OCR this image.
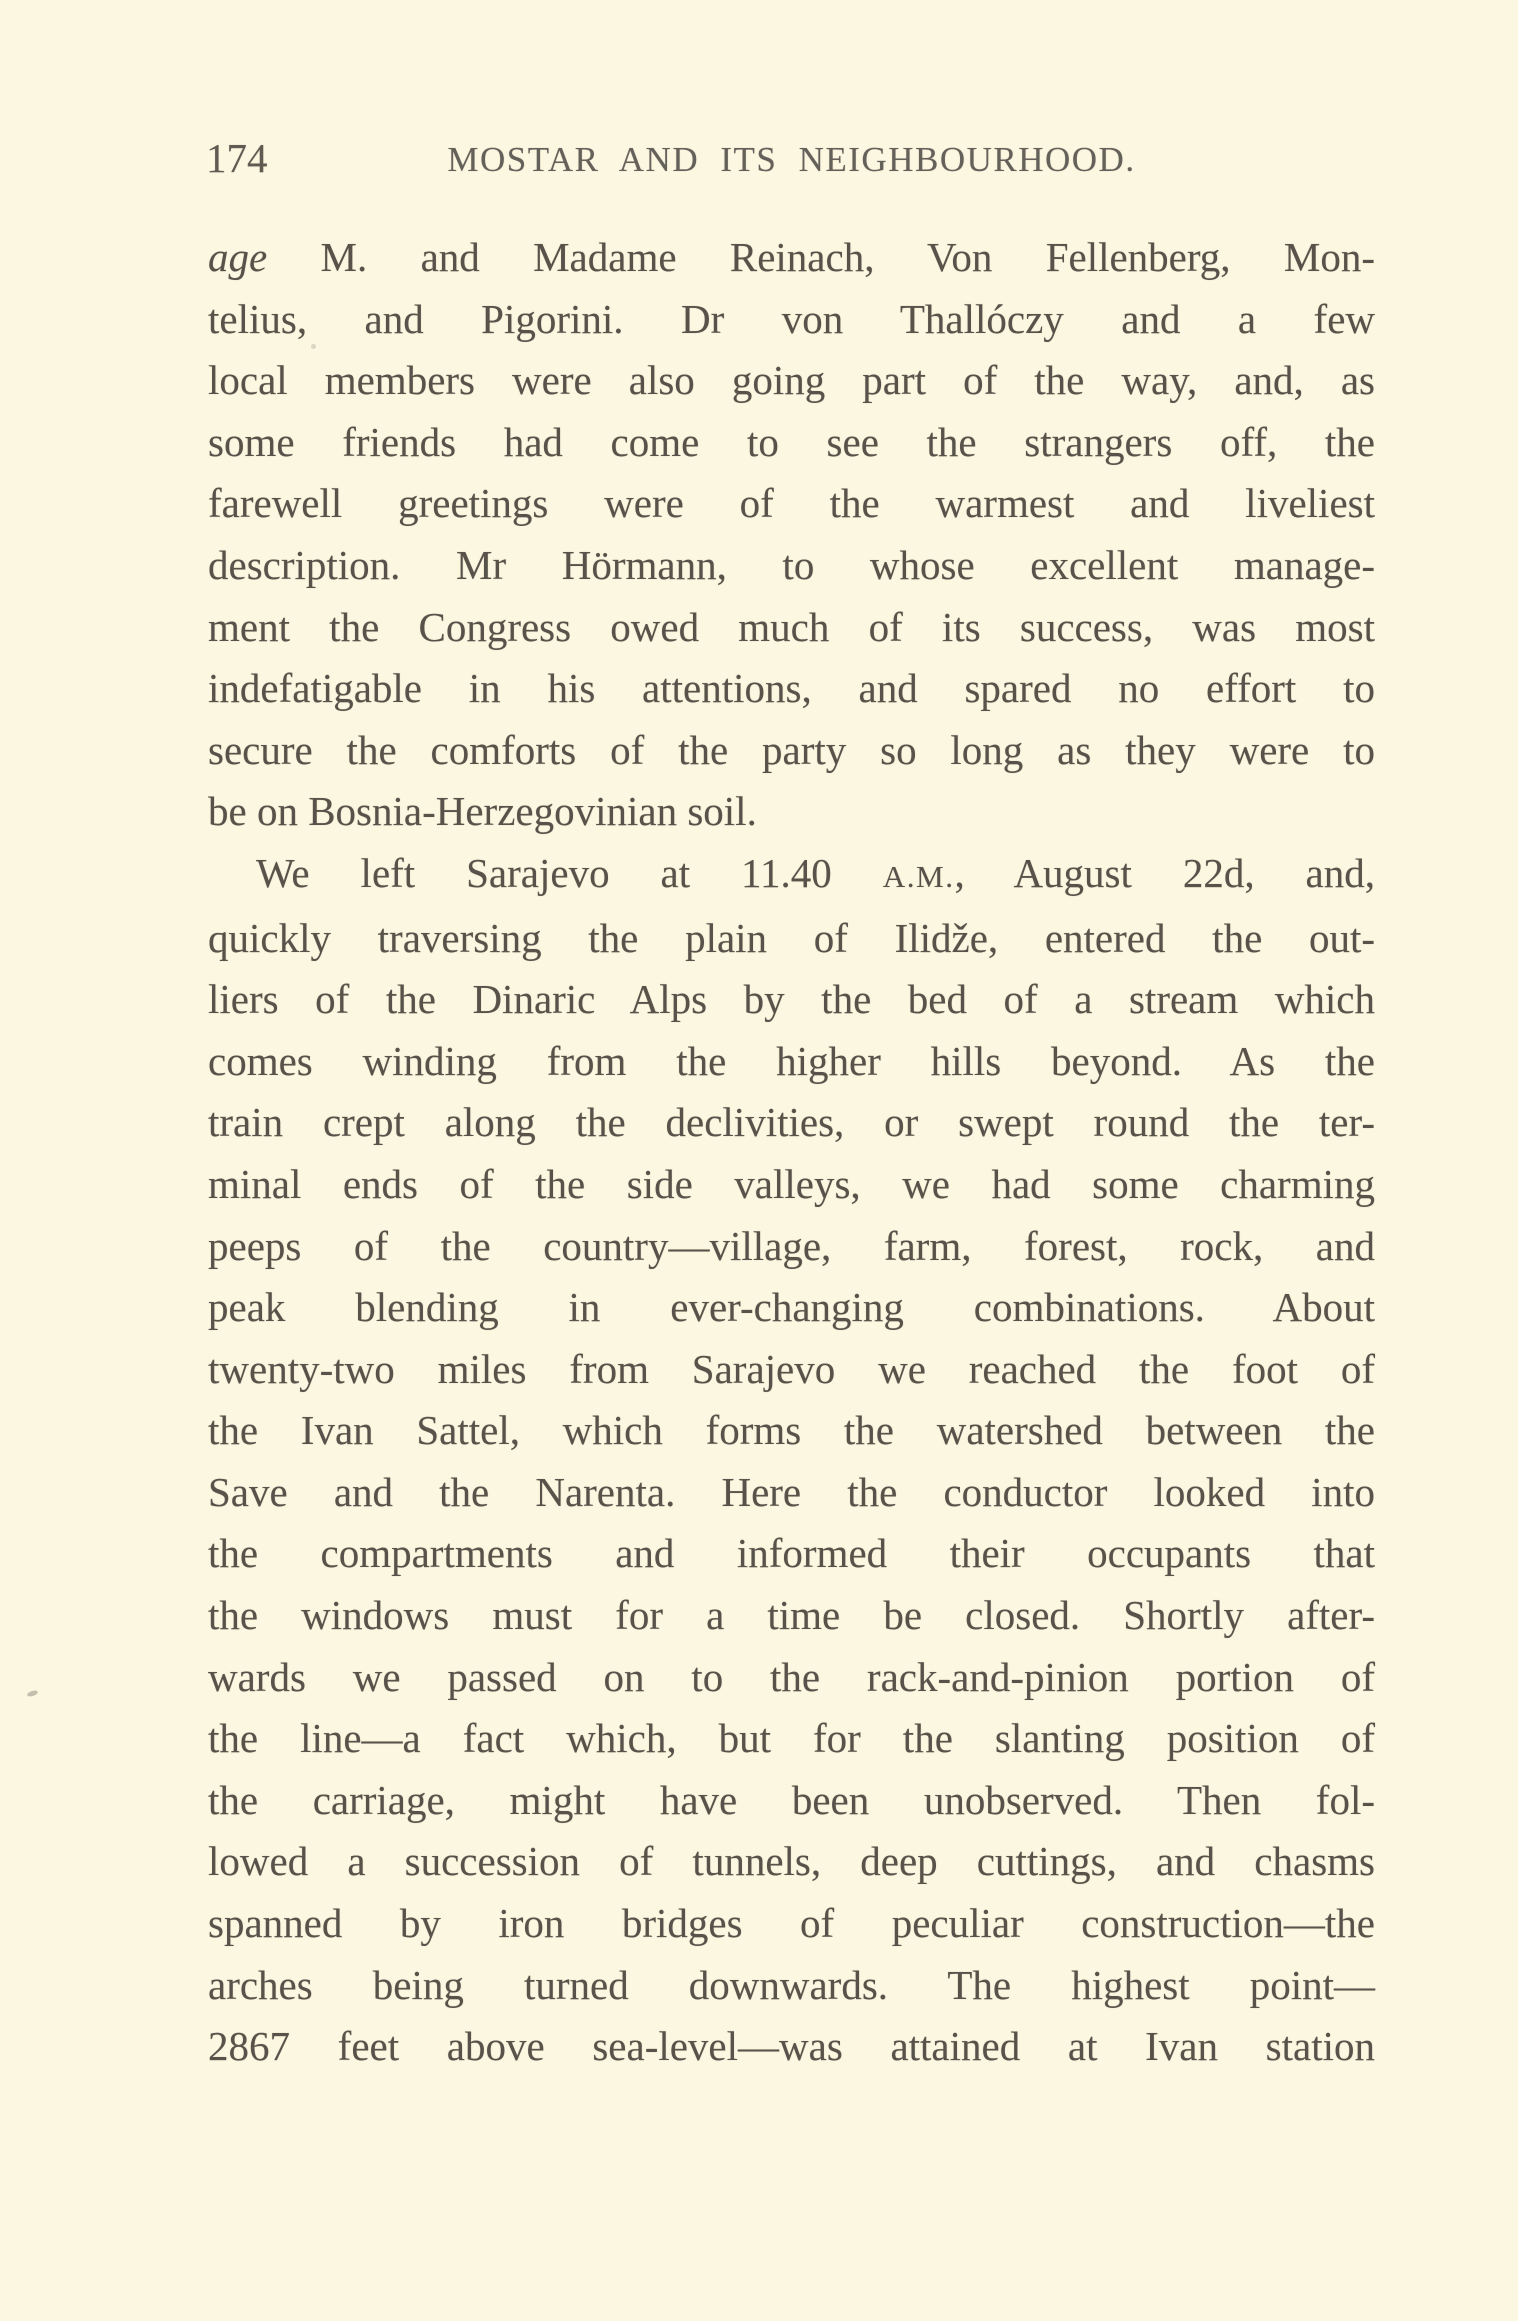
174	MOSTAR AND ITS NEIGHBOURHOOD.
age M. and Madame Reinach, Von Fellenberg, Mon-
telius, and Pigorini. Dr von Thallóczy and a few
local members were also going part of the way, and, as
some friends had come to see the strangers off, the
farewell greetings were of the warmest and liveliest
description. Mr Hörmann, to whose excellent manage-
ment the Congress owed much of its success, was most
indefatigable in his attentions, and spared no effort to
secure the comforts of the party so long as they were to
be on Bosnia-Herzegovinian soil.
We left Sarajevo at 11.40 A.M., August 22d, and,
quickly traversing the plain of Ilidže, entered the out-
liers of the Dinaric Alps by the bed of a stream which
comes winding from the higher hills beyond. As the
train crept along the declivities, or swept round the ter-
minal ends of the side valleys, we had some charming
peeps of the country—village, farm, forest, rock, and
peak blending in ever-changing combinations. About
twenty-two miles from Sarajevo we reached the foot of
the Ivan Sattel, which forms the watershed between the
Save and the Narenta. Here the conductor looked into
the compartments and informed their occupants that
the windows must for a time be closed. Shortly after-
wards we passed on to the rack-and-pinion portion of
the line—a fact which, but for the slanting position of
the carriage, might have been unobserved. Then fol-
lowed a succession of tunnels, deep cuttings, and chasms
spanned by iron bridges of peculiar construction—the
arches being turned downwards. The highest point—
2867 feet above sea-level—was attained at Ivan station
